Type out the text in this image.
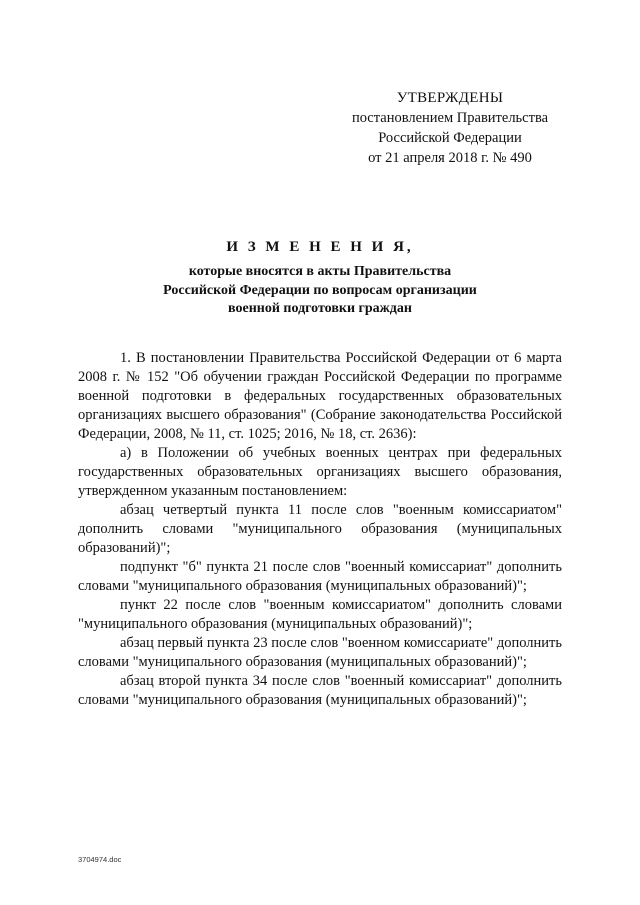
УТВЕРЖДЕНЫ
постановлением Правительства
Российской Федерации
от 21 апреля 2018 г. № 490
И З М Е Н Е Н И Я,
которые вносятся в акты Правительства
Российской Федерации по вопросам организации
военной подготовки граждан

1. В постановлении Правительства Российской Федерации от 6 марта 2008 г. № 152 "Об обучении граждан Российской Федерации по программе военной подготовки в федеральных государственных образовательных организациях высшего образования" (Собрание законодательства Российской Федерации, 2008, № 11, ст. 1025; 2016, № 18, ст. 2636):

а) в Положении об учебных военных центрах при федеральных государственных образовательных организациях высшего образования, утвержденном указанным постановлением:

абзац четвертый пункта 11 после слов "военным комиссариатом" дополнить словами "муниципального образования (муниципальных образований)";

подпункт "б" пункта 21 после слов "военный комиссариат" дополнить словами "муниципального образования (муниципальных образований)";

пункт 22 после слов "военным комиссариатом" дополнить словами "муниципального образования (муниципальных образований)";

абзац первый пункта 23 после слов "военном комиссариате" дополнить словами "муниципального образования (муниципальных образований)";

абзац второй пункта 34 после слов "военный комиссариат" дополнить словами "муниципального образования (муниципальных образований)";

3704974.doc
